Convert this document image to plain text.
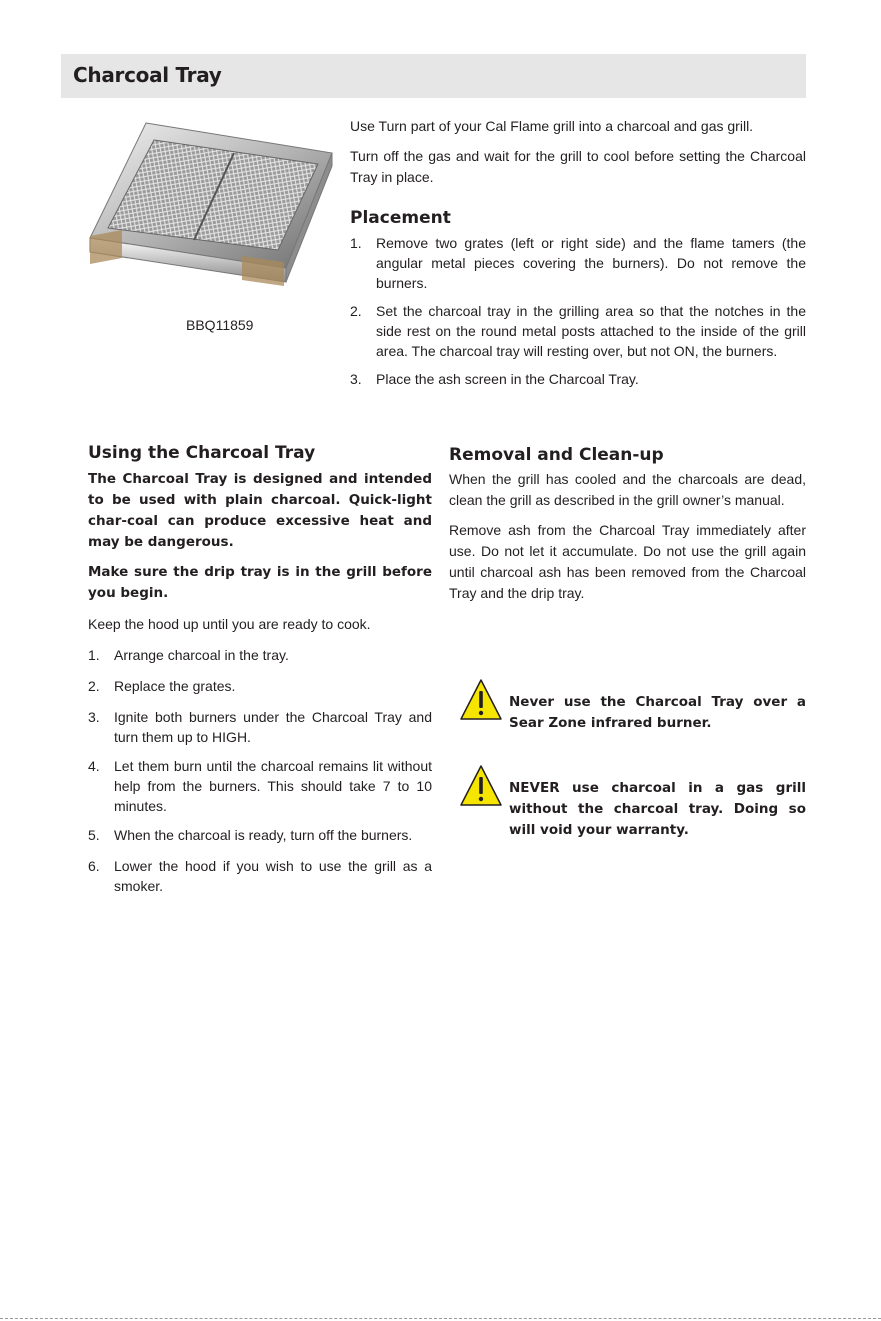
Charcoal Tray
BBQ11859

Use Turn part of your Cal Flame grill into a charcoal and gas grill.

Turn off the gas and wait for the grill to cool before setting the Charcoal Tray in place.

Placement
1. Remove two grates (left or right side) and the flame tamers (the angular metal pieces covering the burners). Do not remove the burners.
2. Set the charcoal tray in the grilling area so that the notches in the side rest on the round metal posts attached to the inside of the grill area. The charcoal tray will resting over, but not ON, the burners.
3. Place the ash screen in the Charcoal Tray.
Using the Charcoal Tray

The Charcoal Tray is designed and intended to be used with plain charcoal. Quick-light char-coal can produce excessive heat and may be dangerous.

Make sure the drip tray is in the grill before you begin.

Keep the hood up until you are ready to cook.

1. Arrange charcoal in the tray.
2. Replace the grates.
3. Ignite both burners under the Charcoal Tray and turn them up to HIGH.
4. Let them burn until the charcoal remains lit without help from the burners. This should take 7 to 10 minutes.
5. When the charcoal is ready, turn off the burners.
6. Lower the hood if you wish to use the grill as a smoker.
Removal and Clean-up

When the grill has cooled and the charcoals are dead, clean the grill as described in the grill owner’s manual.

Remove ash from the Charcoal Tray immediately after use. Do not let it accumulate. Do not use the grill again until charcoal ash has been removed from the Charcoal Tray and the drip tray.

Never use the Charcoal Tray over a Sear Zone infrared burner.

NEVER use charcoal in a gas grill without the charcoal tray. Doing so will void your warranty.
